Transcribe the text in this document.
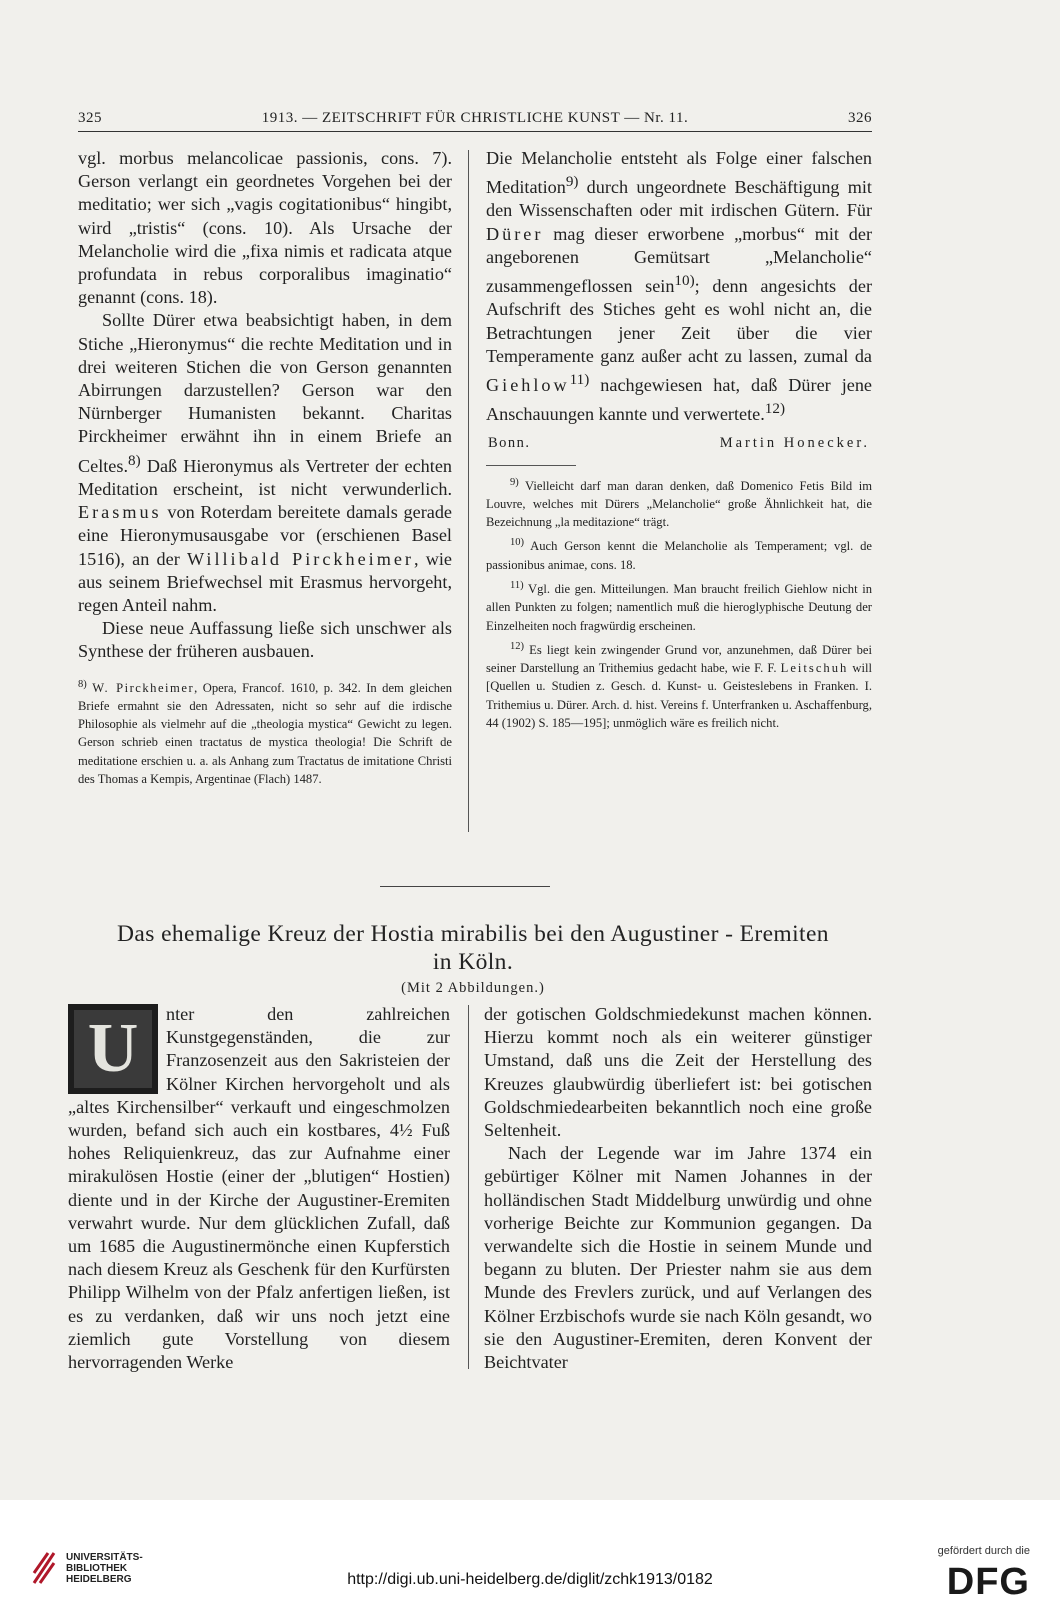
325	1913. — ZEITSCHRIFT FÜR CHRISTLICHE KUNST — Nr. 11.	326

vgl. morbus melancolicae passionis, cons. 7). Gerson verlangt ein geordnetes Vorgehen bei der meditatio; wer sich „vagis cogitationibus“ hingibt, wird „tristis“ (cons. 10). Als Ursache der Melancholie wird die „fixa nimis et radicata atque profundata in rebus corporalibus imaginatio“ genannt (cons. 18).

Sollte Dürer etwa beabsichtigt haben, in dem Stiche „Hieronymus“ die rechte Meditation und in drei weiteren Stichen die von Gerson genannten Abirrungen darzustellen? Gerson war den Nürnberger Humanisten bekannt. Charitas Pirckheimer erwähnt ihn in einem Briefe an Celtes.$^{8)}$ Daß Hieronymus als Vertreter der echten Meditation erscheint, ist nicht verwunderlich. Erasmus von Roterdam bereitete damals gerade eine Hieronymusausgabe vor (erschienen Basel 1516), an der Willibald Pirckheimer, wie aus seinem Briefwechsel mit Erasmus hervorgeht, regen Anteil nahm.

Diese neue Auffassung ließe sich unschwer als Synthese der früheren ausbauen.

$^{8)}$ W. Pirckheimer, Opera, Francof. 1610, p. 342. In dem gleichen Briefe ermahnt sie den Adressaten, nicht so sehr auf die irdische Philosophie als vielmehr auf die „theologia mystica“ Gewicht zu legen. Gerson schrieb einen tractatus de mystica theologia! Die Schrift de meditatione erschien u. a. als Anhang zum Tractatus de imitatione Christi des Thomas a Kempis, Argentinae (Flach) 1487.

Die Melancholie entsteht als Folge einer falschen Meditation$^{9)}$ durch ungeordnete Beschäftigung mit den Wissenschaften oder mit irdischen Gütern. Für Dürer mag dieser erworbene „morbus“ mit der angeborenen Gemütsart „Melancholie“ zusammengeflossen sein$^{10)}$; denn angesichts der Aufschrift des Stiches geht es wohl nicht an, die Betrachtungen jener Zeit über die vier Temperamente ganz außer acht zu lassen, zumal da Giehlow$^{11)}$ nachgewiesen hat, daß Dürer jene Anschauungen kannte und verwertete.$^{12)}$

Bonn.	Martin Honecker.

$^{9)}$ Vielleicht darf man daran denken, daß Domenico Fetis Bild im Louvre, welches mit Dürers „Melancholie“ große Ähnlichkeit hat, die Bezeichnung „la meditazione“ trägt.

$^{10)}$ Auch Gerson kennt die Melancholie als Temperament; vgl. de passionibus animae, cons. 18.

$^{11)}$ Vgl. die gen. Mitteilungen. Man braucht freilich Giehlow nicht in allen Punkten zu folgen; namentlich muß die hieroglyphische Deutung der Einzelheiten noch fragwürdig erscheinen.

$^{12)}$ Es liegt kein zwingender Grund vor, anzunehmen, daß Dürer bei seiner Darstellung an Trithemius gedacht habe, wie F. F. Leitschuh will [Quellen u. Studien z. Gesch. d. Kunst- u. Geisteslebens in Franken. I. Trithemius u. Dürer. Arch. d. hist. Vereins f. Unterfranken u. Aschaffenburg, 44 (1902) S. 185—195]; unmöglich wäre es freilich nicht.

Das ehemalige Kreuz der Hostia mirabilis bei den Augustiner - Eremiten
in Köln.
(Mit 2 Abbildungen.)
U	nter den zahlreichen Kunstgegenständen, die zur Franzosenzeit aus den Sakristeien der Kölner Kirchen hervorgeholt und als „altes Kirchensilber“ verkauft und eingeschmolzen wurden, befand sich auch ein kostbares, 4½ Fuß hohes Reliquienkreuz, das zur Aufnahme einer mirakulösen Hostie (einer der „blutigen“ Hostien) diente und in der Kirche der Augustiner-Eremiten verwahrt wurde. Nur dem glücklichen Zufall, daß um 1685 die Augustinermönche einen Kupferstich nach diesem Kreuz als Geschenk für den Kurfürsten Philipp Wilhelm von der Pfalz anfertigen ließen, ist es zu verdanken, daß wir uns noch jetzt eine ziemlich gute Vorstellung von diesem hervorragenden Werke

der gotischen Goldschmiedekunst machen können. Hierzu kommt noch als ein weiterer günstiger Umstand, daß uns die Zeit der Herstellung des Kreuzes glaubwürdig überliefert ist: bei gotischen Goldschmiedearbeiten bekanntlich noch eine große Seltenheit.

Nach der Legende war im Jahre 1374 ein gebürtiger Kölner mit Namen Johannes in der holländischen Stadt Middelburg unwürdig und ohne vorherige Beichte zur Kommunion gegangen. Da verwandelte sich die Hostie in seinem Munde und begann zu bluten. Der Priester nahm sie aus dem Munde des Frevlers zurück, und auf Verlangen des Kölner Erzbischofs wurde sie nach Köln gesandt, wo sie den Augustiner-Eremiten, deren Konvent der Beichtvater

UNIVERSITÄTS-
BIBLIOTHEK
HEIDELBERG	http://digi.ub.uni-heidelberg.de/diglit/zchk1913/0182
gefördert durch die
DFG
